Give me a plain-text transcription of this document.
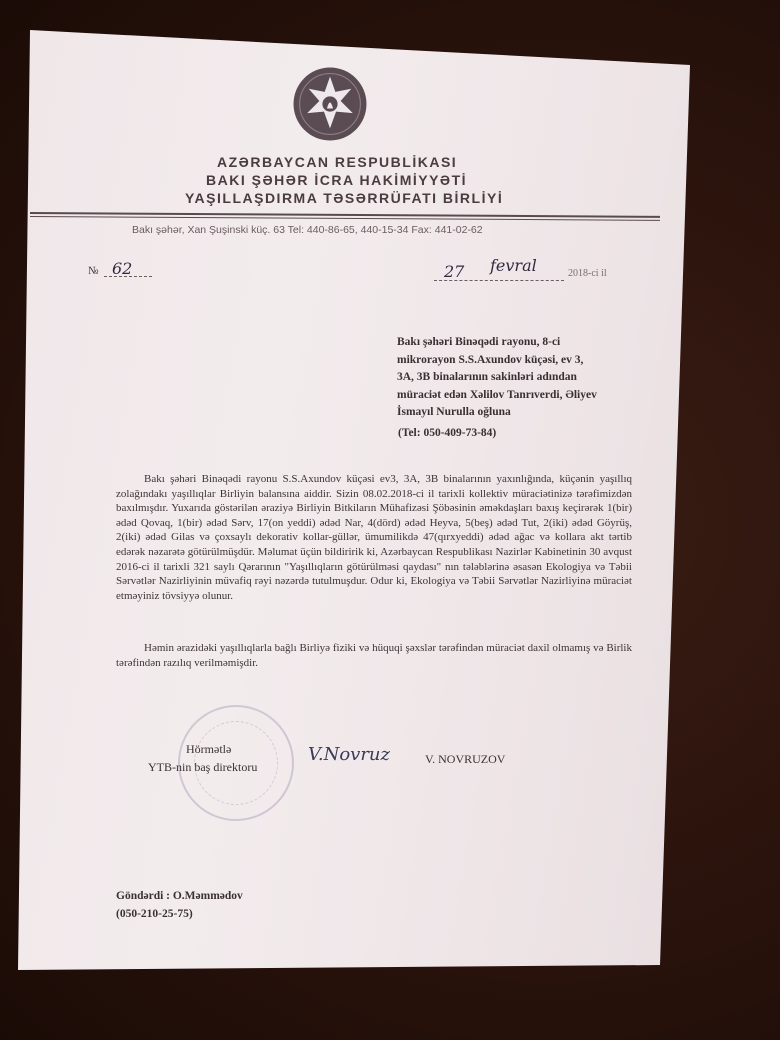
AZƏRBAYCAN RESPUBLİKASI
BAKI ŞƏHƏR İCRA HAKİMİYYƏTİ
YAŞILLAŞDIRMA TƏSƏRRÜFATI BİRLİYİ
Bakı şəhər, Xan Şuşinski küç. 63 Tel: 440-86-65, 440-15-34 Fax: 441-02-62
№ 62	27 fevral	2018-ci il
Bakı şəhəri Binəqədi rayonu, 8-ci
mikrorayon S.S.Axundov küçəsi, ev 3,
3A, 3B binalarının sakinləri adından
müraciət edən Xəlilov Tanrıverdi, Əliyev
İsmayıl Nurulla oğluna
(Tel: 050-409-73-84)
Bakı şəhəri Binəqədi rayonu S.S.Axundov küçəsi ev3, 3A, 3B binalarının yaxınlığında, küçənin yaşıllıq zolağındakı yaşıllıqlar Birliyin balansına aiddir. Sizin 08.02.2018-ci il tarixli kollektiv müraciətinizə tərəfimizdən baxılmışdır. Yuxarıda göstərilən əraziyə Birliyin Bitkiların Mühafizəsi Şöbəsinin əməkdaşları baxış keçirərək 1(bir) ədəd Qovaq, 1(bir) ədəd Sərv, 17(on yeddi) ədəd Nar, 4(dörd) ədəd Heyva, 5(beş) ədəd Tut, 2(iki) ədəd Göyrüş, 2(iki) ədəd Gilas və çoxsaylı dekorativ kollar-güllər, ümumilikdə 47(qırxyeddi) ədəd ağac və kollara akt tərtib edərək nəzarətə götürülmüşdür. Məlumat üçün bildiririk ki, Azərbaycan Respublikası Nazirlər Kabinetinin 30 avqust 2016-ci il tarixli 321 saylı Qərarının "Yaşıllıqların götürülməsi qaydası" nın tələblərinə əsasən Ekologiya və Təbii Sərvətlər Nazirliyinin müvafiq rəyi nəzərdə tutulmuşdur. Odur ki, Ekologiya və Təbii Sərvətlər Nazirliyinə müraciət etməyiniz tövsiyyə olunur.
Həmin ərazidəki yaşıllıqlarla bağlı Birliyə fiziki və hüquqi şəxslər tərəfindən müraciət daxil olmamış və Birlik tərəfindən razılıq verilməmişdir.
Hörmətlə
YTB-nin baş direktoru
V.Novruz	V. NOVRUZOV
Göndərdi : O.Məmmədov
(050-210-25-75)
